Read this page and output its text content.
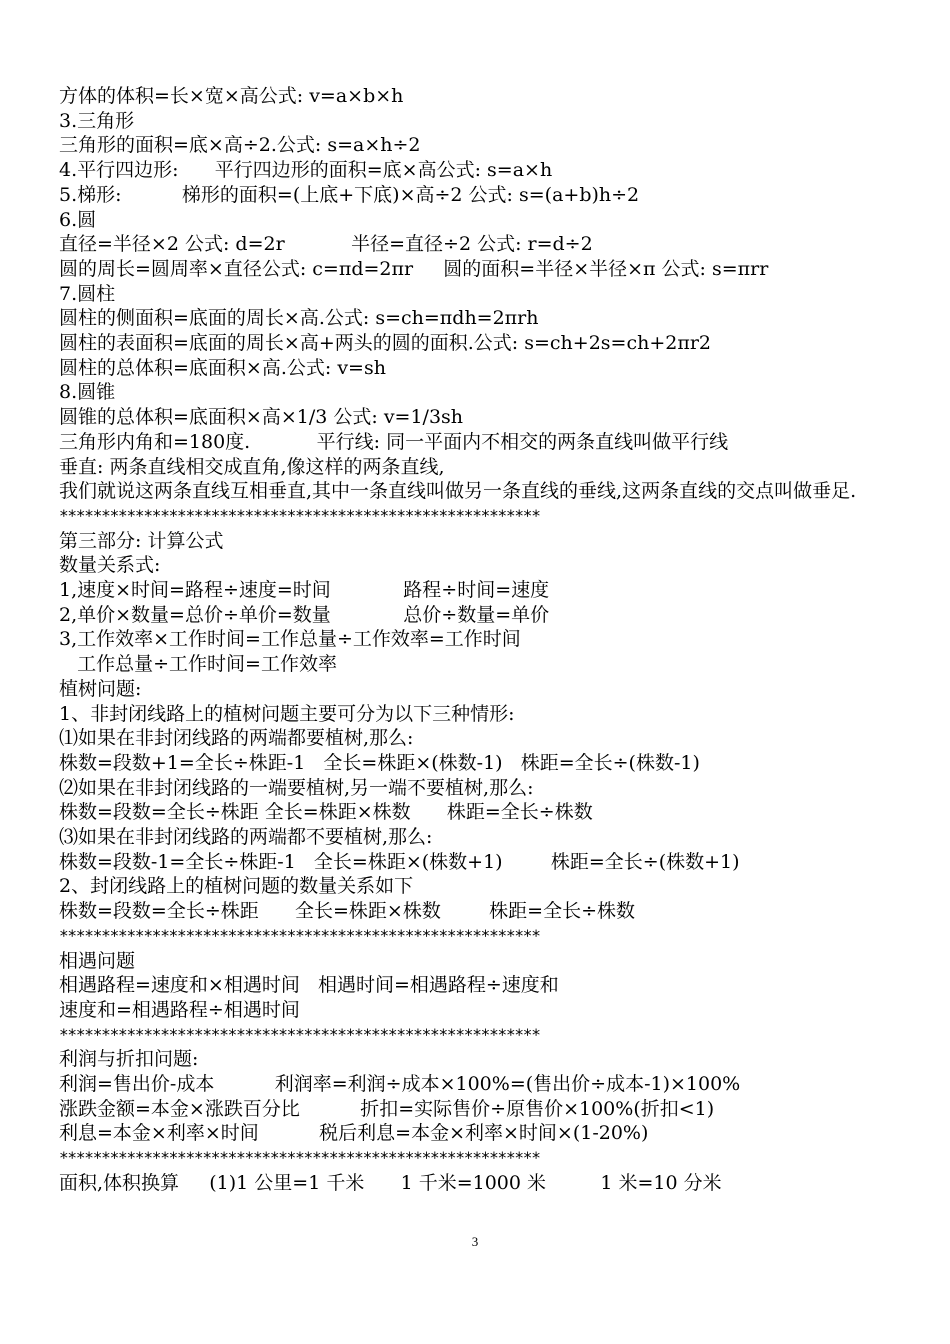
方体的体积=长×宽×高公式: v=a×b×h
3.三角形
三角形的面积=底×高÷2.公式: s=a×h÷2
4.平行四边形:      平行四边形的面积=底×高公式: s=a×h
5.梯形:          梯形的面积=(上底+下底)×高÷2 公式: s=(a+b)h÷2
6.圆
直径=半径×2 公式: d=2r           半径=直径÷2 公式: r=d÷2
圆的周长=圆周率×直径公式: c=πd=2πr     圆的面积=半径×半径×π 公式: s=πrr
7.圆柱
圆柱的侧面积=底面的周长×高.公式: s=ch=πdh=2πrh
圆柱的表面积=底面的周长×高+两头的圆的面积.公式: s=ch+2s=ch+2πr2
圆柱的总体积=底面积×高.公式: v=sh
8.圆锥
圆锥的总体积=底面积×高×1/3 公式: v=1/3sh
三角形内角和=180度.           平行线: 同一平面内不相交的两条直线叫做平行线
垂直: 两条直线相交成直角,像这样的两条直线,
我们就说这两条直线互相垂直,其中一条直线叫做另一条直线的垂线,这两条直线的交点叫做垂足.
*********************************************************
第三部分: 计算公式
数量关系式:
1,速度×时间=路程÷速度=时间            路程÷时间=速度
2,单价×数量=总价÷单价=数量            总价÷数量=单价
3,工作效率×工作时间=工作总量÷工作效率=工作时间
工作总量÷工作时间=工作效率
植树问题:
1、非封闭线路上的植树问题主要可分为以下三种情形:
⑴如果在非封闭线路的两端都要植树,那么:
株数=段数+1=全长÷株距-1   全长=株距×(株数-1)   株距=全长÷(株数-1)
⑵如果在非封闭线路的一端要植树,另一端不要植树,那么:
株数=段数=全长÷株距 全长=株距×株数      株距=全长÷株数
⑶如果在非封闭线路的两端都不要植树,那么:
株数=段数-1=全长÷株距-1   全长=株距×(株数+1)        株距=全长÷(株数+1)
2、封闭线路上的植树问题的数量关系如下
株数=段数=全长÷株距      全长=株距×株数        株距=全长÷株数
*********************************************************
相遇问题
相遇路程=速度和×相遇时间   相遇时间=相遇路程÷速度和
速度和=相遇路程÷相遇时间
*********************************************************
利润与折扣问题:
利润=售出价-成本          利润率=利润÷成本×100%=(售出价÷成本-1)×100%
涨跌金额=本金×涨跌百分比          折扣=实际售价÷原售价×100%(折扣<1)
利息=本金×利率×时间          税后利息=本金×利率×时间×(1-20%)
*********************************************************
面积,体积换算     (1)1 公里=1 千米      1 千米=1000 米         1 米=10 分米
3
